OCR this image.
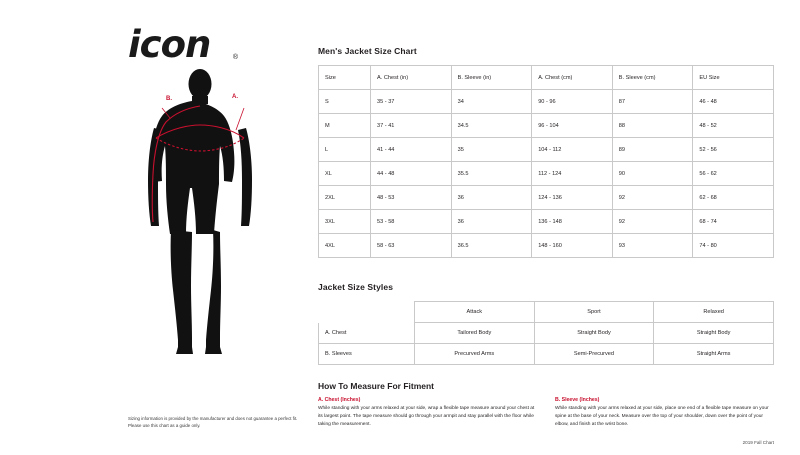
icon	®
B.	A.
Sizing information is provided by the manufacturer and does not guarantee a perfect fit. Please use this chart as a guide only.
Men's Jacket Size Chart
Size	A. Chest (in)	B. Sleeve (in)	A. Chest (cm)	B. Sleeve (cm)	EU Size
S	35 - 37	34	90 - 96	87	46 - 48
M	37 - 41	34.5	96 - 104	88	48 - 52
L	41 - 44	35	104 - 112	89	52 - 56
XL	44 - 48	35.5	112 - 124	90	56 - 62
2XL	48 - 53	36	124 - 136	92	62 - 68
3XL	53 - 58	36	136 - 148	92	68 - 74
4XL	58 - 63	36.5	148 - 160	93	74 - 80
Jacket Size Styles
	Attack	Sport	Relaxed
A. Chest	Tailored Body	Straight Body	Straight Body
B. Sleeves	Precurved Arms	Semi-Precurved	Straight Arms
How To Measure For Fitment
A. Chest (Inches)
While standing with your arms relaxed at your side, wrap a flexible tape measure around your chest at its largest point. The tape measure should go through your armpit and stay parallel with the floor while taking the measurement.
B. Sleeve (Inches)
While standing with your arms relaxed at your side, place one end of a flexible tape measure on your spine at the base of your neck. Measure over the top of your shoulder, down over the point of your elbow, and finish at the wrist bone.
2019 Fall Chart
